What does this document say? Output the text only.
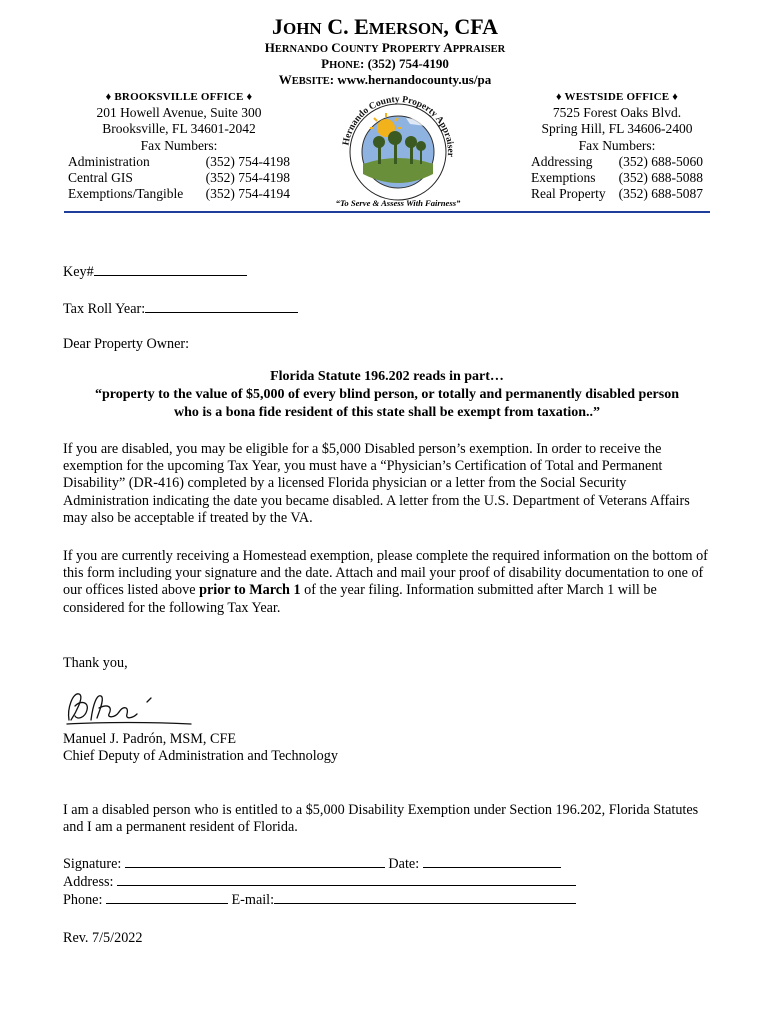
JOHN C. EMERSON, CFA
HERNANDO COUNTY PROPERTY APPRAISER
PHONE: (352) 754-4190
WEBSITE: www.hernandocounty.us/pa
♦ BROOKSVILLE OFFICE ♦
201 Howell Avenue, Suite 300
Brooksville, FL 34601-2042
Fax Numbers:
Administration	(352) 754-4198
Central GIS	(352) 754-4198
Exemptions/Tangible	(352) 754-4194
Hernando County Property Appraiser
“To Serve & Assess With Fairness”
♦ WESTSIDE OFFICE ♦
7525 Forest Oaks Blvd.
Spring Hill, FL 34606-2400
Fax Numbers:
Addressing (352) 688-5060
Exemptions (352) 688-5088
Real Property (352) 688-5087
Key#
Tax Roll Year:
Dear Property Owner:
Florida Statute 196.202 reads in part…
“property to the value of $5,000 of every blind person, or totally and permanently disabled person
who is a bona fide resident of this state shall be exempt from taxation..”
If you are disabled, you may be eligible for a $5,000 Disabled person’s exemption. In order to receive the exemption for the upcoming Tax Year, you must have a “Physician’s Certification of Total and Permanent Disability” (DR-416) completed by a licensed Florida physician or a letter from the Social Security Administration indicating the date you became disabled. A letter from the U.S. Department of Veterans Affairs may also be acceptable if treated by the VA.
If you are currently receiving a Homestead exemption, please complete the required information on the bottom of this form including your signature and the date. Attach and mail your proof of disability documentation to one of our offices listed above prior to March 1 of the year filing. Information submitted after March 1 will be considered for the following Tax Year.
Thank you,
Manuel J. Padrón, MSM, CFE
Chief Deputy of Administration and Technology
I am a disabled person who is entitled to a $5,000 Disability Exemption under Section 196.202, Florida Statutes and I am a permanent resident of Florida.
Signature:	Date:
Address:
Phone:	E-mail:
Rev. 7/5/2022
